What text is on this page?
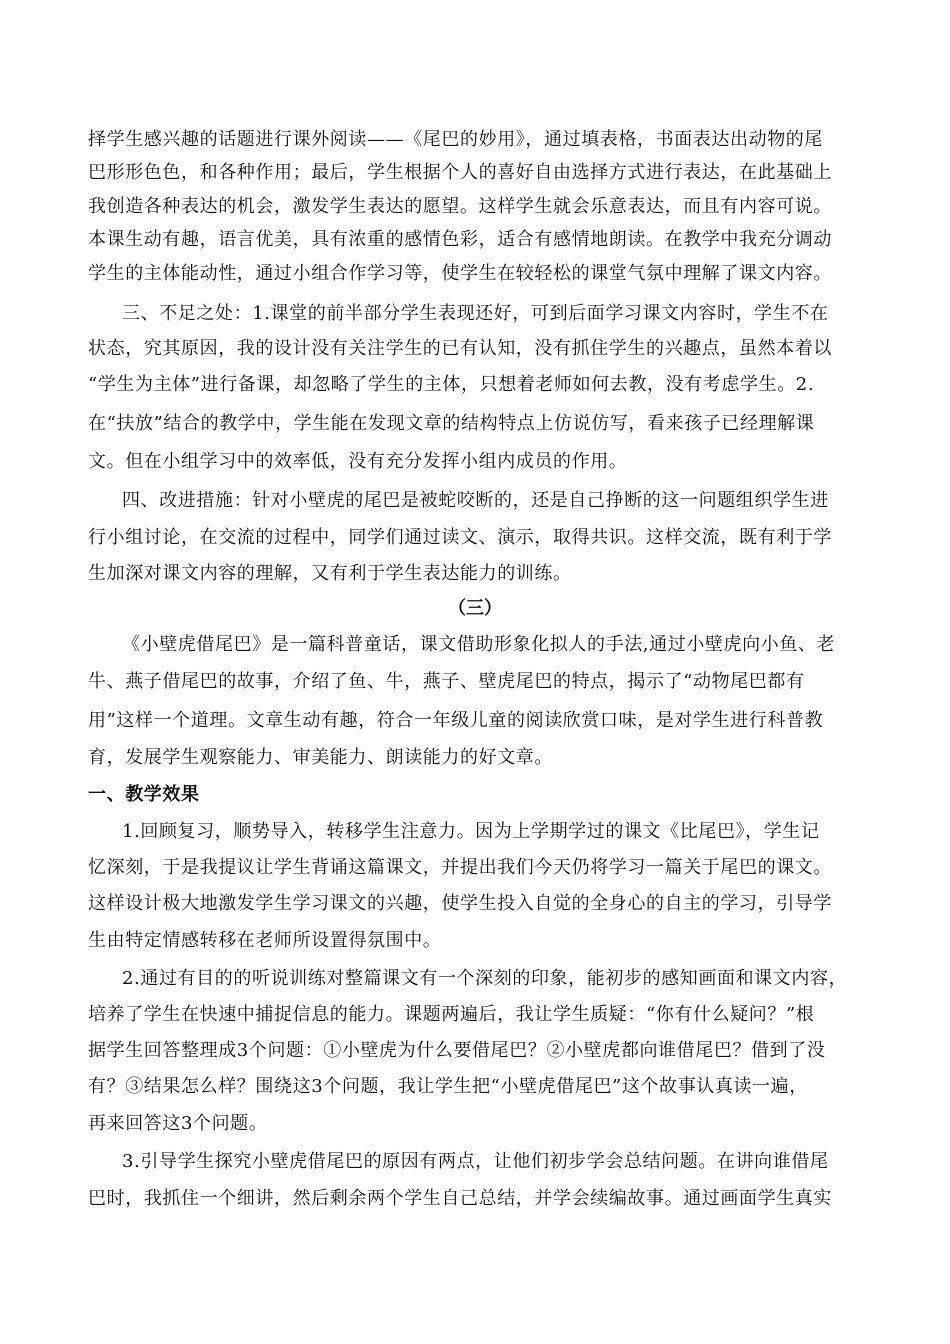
择学生感兴趣的话题进行课外阅读——《尾巴的妙用》，通过填表格，书面表达出动物的尾
巴形形色色，和各种作用；最后，学生根据个人的喜好自由选择方式进行表达，在此基础上
我创造各种表达的机会，激发学生表达的愿望。这样学生就会乐意表达，而且有内容可说。
本课生动有趣，语言优美，具有浓重的感情色彩，适合有感情地朗读。在教学中我充分调动
学生的主体能动性，通过小组合作学习等，使学生在较轻松的课堂气氛中理解了课文内容。
三、不足之处：1.课堂的前半部分学生表现还好，可到后面学习课文内容时，学生不在
状态，究其原因，我的设计没有关注学生的已有认知，没有抓住学生的兴趣点，虽然本着以
“学生为主体”进行备课，却忽略了学生的主体，只想着老师如何去教，没有考虑学生。2.
在“扶放”结合的教学中，学生能在发现文章的结构特点上仿说仿写，看来孩子已经理解课
文。但在小组学习中的效率低，没有充分发挥小组内成员的作用。
四、改进措施：针对小壁虎的尾巴是被蛇咬断的，还是自己挣断的这一问题组织学生进
行小组讨论，在交流的过程中，同学们通过读文、演示，取得共识。这样交流，既有利于学
生加深对课文内容的理解，又有利于学生表达能力的训练。
（三）
《小壁虎借尾巴》是一篇科普童话，课文借助形象化拟人的手法,通过小壁虎向小鱼、老
牛、燕子借尾巴的故事，介绍了鱼、牛，燕子、壁虎尾巴的特点，揭示了“动物尾巴都有
用”这样一个道理。文章生动有趣，符合一年级儿童的阅读欣赏口味，是对学生进行科普教
育，发展学生观察能力、审美能力、朗读能力的好文章。
一、教学效果
1.回顾复习，顺势导入，转移学生注意力。因为上学期学过的课文《比尾巴》，学生记
忆深刻，于是我提议让学生背诵这篇课文，并提出我们今天仍将学习一篇关于尾巴的课文。
这样设计极大地激发学生学习课文的兴趣，使学生投入自觉的全身心的自主的学习，引导学
生由特定情感转移在老师所设置得氛围中。
2.通过有目的的听说训练对整篇课文有一个深刻的印象，能初步的感知画面和课文内容，
培养了学生在快速中捕捉信息的能力。课题两遍后，我让学生质疑：“你有什么疑问？”根
据学生回答整理成3个问题：①小壁虎为什么要借尾巴？②小壁虎都向谁借尾巴？借到了没
有？③结果怎么样？围绕这3个问题，我让学生把“小壁虎借尾巴”这个故事认真读一遍，
再来回答这3个问题。
3.引导学生探究小壁虎借尾巴的原因有两点，让他们初步学会总结问题。在讲向谁借尾
巴时，我抓住一个细讲，然后剩余两个学生自己总结，并学会续编故事。通过画面学生真实
